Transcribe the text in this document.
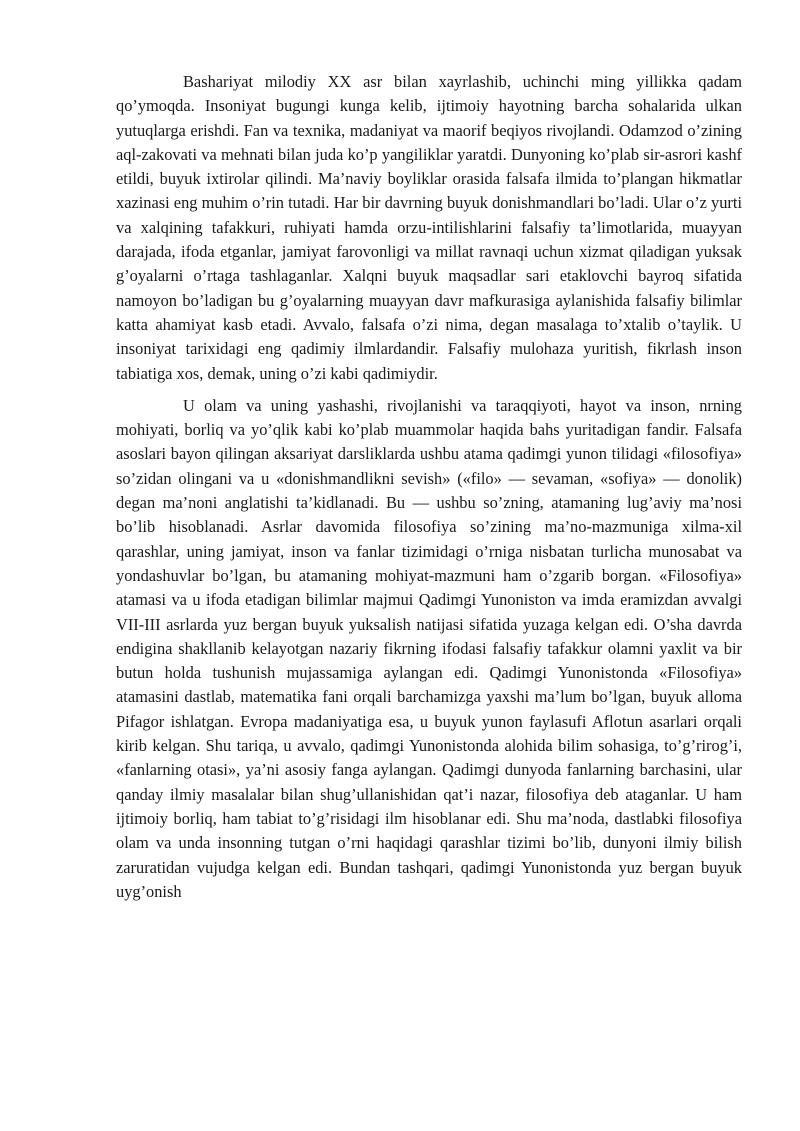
Bashariyat milodiy XX asr bilan xayrlashib, uchinchi ming yillikka qadam qo’ymoqda. Insoniyat bugungi kunga kelib, ijtimoiy hayotning barcha sohalarida ulkan yutuqlarga erishdi. Fan va texnika, madaniyat va maorif beqiyos rivojlandi. Odamzod o’zining aql-zakovati va mehnati bilan juda ko’p yangiliklar yaratdi. Dunyoning ko’plab sir-asrori kashf etildi, buyuk ixtirolar qilindi. Ma’naviy boyliklar orasida falsafa ilmida to’plangan hikmatlar xazinasi eng muhim o’rin tutadi. Har bir davrning buyuk donishmandlari bo’ladi. Ular o’z yurti va xalqining tafakkuri, ruhiyati hamda orzu-intilishlarini falsafiy ta’limotlarida, muayyan darajada, ifoda etganlar, jamiyat farovonligi va millat ravnaqi uchun xizmat qiladigan yuksak g’oyalarni o’rtaga tashlaganlar. Xalqni buyuk maqsadlar sari etaklovchi bayroq sifatida namoyon bo’ladigan bu g’oyalarning muayyan davr mafkurasiga aylanishida falsafiy bilimlar katta ahamiyat kasb etadi. Avvalo, falsafa o’zi nima, degan masalaga to’xtalib o’taylik. U insoniyat tarixidagi eng qadimiy ilmlardandir. Falsafiy mulohaza yuritish, fikrlash inson tabiatiga xos, demak, uning o’zi kabi qadimiydir.

U olam va uning yashashi, rivojlanishi va taraqqiyoti, hayot va inson, nrning mohiyati, borliq va yo’qlik kabi ko’plab muammolar haqida bahs yuritadigan fandir. Falsafa asoslari bayon qilingan aksariyat darsliklarda ushbu atama qadimgi yunon tilidagi «filosofiya» so’zidan olingani va u «donishmandlikni sevish» («filo» — sevaman, «sofiya» — donolik) degan ma’noni anglatishi ta’kidlanadi. Bu — ushbu so’zning, atamaning lug’aviy ma’nosi bo’lib hisoblanadi. Asrlar davomida filosofiya so’zining ma’no-mazmuniga xilma-xil qarashlar, uning jamiyat, inson va fanlar tizimidagi o’rniga nisbatan turlicha munosabat va yondashuvlar bo’lgan, bu atamaning mohiyat-mazmuni ham o’zgarib borgan. «Filosofiya» atamasi va u ifoda etadigan bilimlar majmui Qadimgi Yunoniston va imda eramizdan avvalgi VII-III asrlarda yuz bergan buyuk yuksalish natijasi sifatida yuzaga kelgan edi. O’sha davrda endigina shakllanib kelayotgan nazariy fikrning ifodasi falsafiy tafakkur olamni yaxlit va bir butun holda tushunish mujassamiga aylangan edi. Qadimgi Yunonistonda «Filosofiya» atamasini dastlab, matematika fani orqali barchamizga yaxshi ma’lum bo’lgan, buyuk alloma Pifagor ishlatgan. Evropa madaniyatiga esa, u buyuk yunon faylasufi Aflotun asarlari orqali kirib kelgan. Shu tariqa, u avvalo, qadimgi Yunonistonda alohida bilim sohasiga, to’g’rirog’i, «fanlarning otasi», ya’ni asosiy fanga aylangan. Qadimgi dunyoda fanlarning barchasini, ular qanday ilmiy masalalar bilan shug’ullanishidan qat’i nazar, filosofiya deb ataganlar. U ham ijtimoiy borliq, ham tabiat to’g’risidagi ilm hisoblanar edi. Shu ma’noda, dastlabki filosofiya olam va unda insonning tutgan o’rni haqidagi qarashlar tizimi bo’lib, dunyoni ilmiy bilish zaruratidan vujudga kelgan edi. Bundan tashqari, qadimgi Yunonistonda yuz bergan buyuk uyg’onish
